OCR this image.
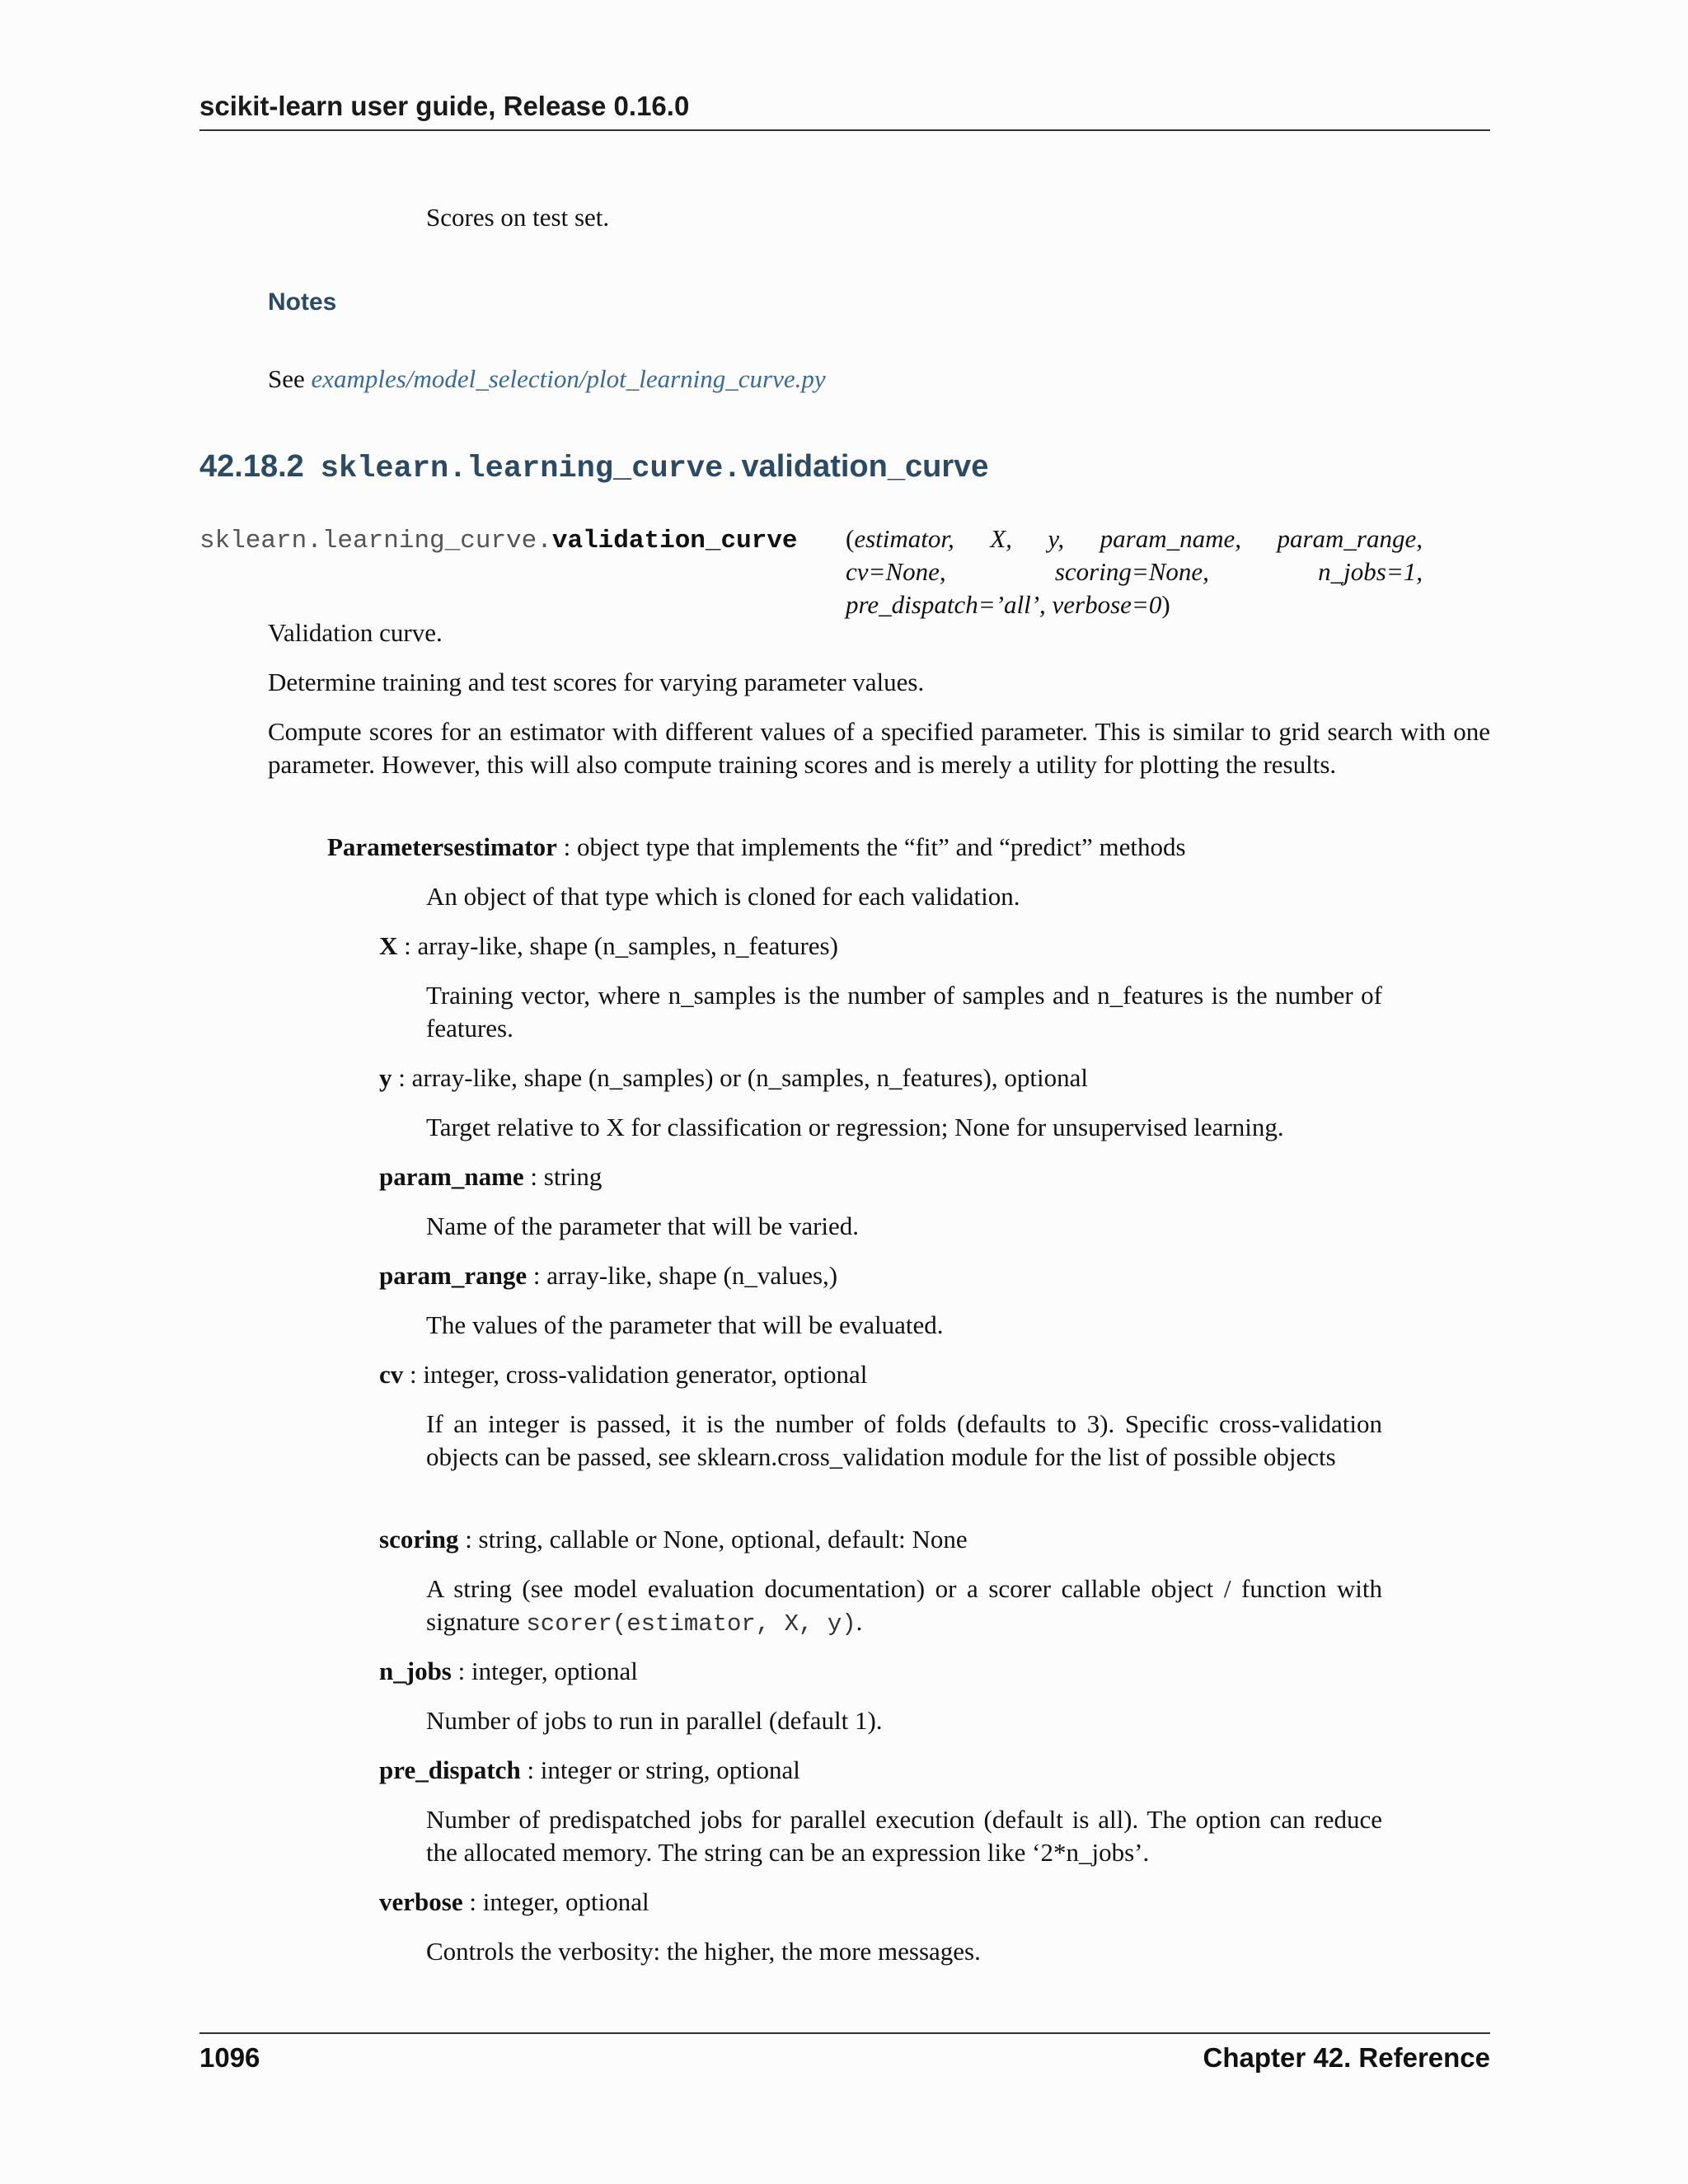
scikit-learn user guide, Release 0.16.0
Scores on test set.
Notes
See examples/model_selection/plot_learning_curve.py
42.18.2 sklearn.learning_curve.validation_curve
sklearn.learning_curve.validation_curve (estimator, X, y, param_name, param_range,
cv=None,	scoring=None,	n_jobs=1,
pre_dispatch=’all’, verbose=0)
Validation curve.
Determine training and test scores for varying parameter values.
Compute scores for an estimator with different values of a specified parameter. This is similar to grid search with one parameter. However, this will also compute training scores and is merely a utility for plotting the results.
Parametersestimator : object type that implements the “fit” and “predict” methods
An object of that type which is cloned for each validation.
X : array-like, shape (n_samples, n_features)
Training vector, where n_samples is the number of samples and n_features is the number of features.
y : array-like, shape (n_samples) or (n_samples, n_features), optional
Target relative to X for classification or regression; None for unsupervised learning.
param_name : string
Name of the parameter that will be varied.
param_range : array-like, shape (n_values,)
The values of the parameter that will be evaluated.
cv : integer, cross-validation generator, optional
If an integer is passed, it is the number of folds (defaults to 3). Specific cross-validation objects can be passed, see sklearn.cross_validation module for the list of possible objects
scoring : string, callable or None, optional, default: None
A string (see model evaluation documentation) or a scorer callable object / function with signature scorer(estimator, X, y).
n_jobs : integer, optional
Number of jobs to run in parallel (default 1).
pre_dispatch : integer or string, optional
Number of predispatched jobs for parallel execution (default is all). The option can reduce the allocated memory. The string can be an expression like ‘2*n_jobs’.
verbose : integer, optional
Controls the verbosity: the higher, the more messages.
1096	Chapter 42. Reference
